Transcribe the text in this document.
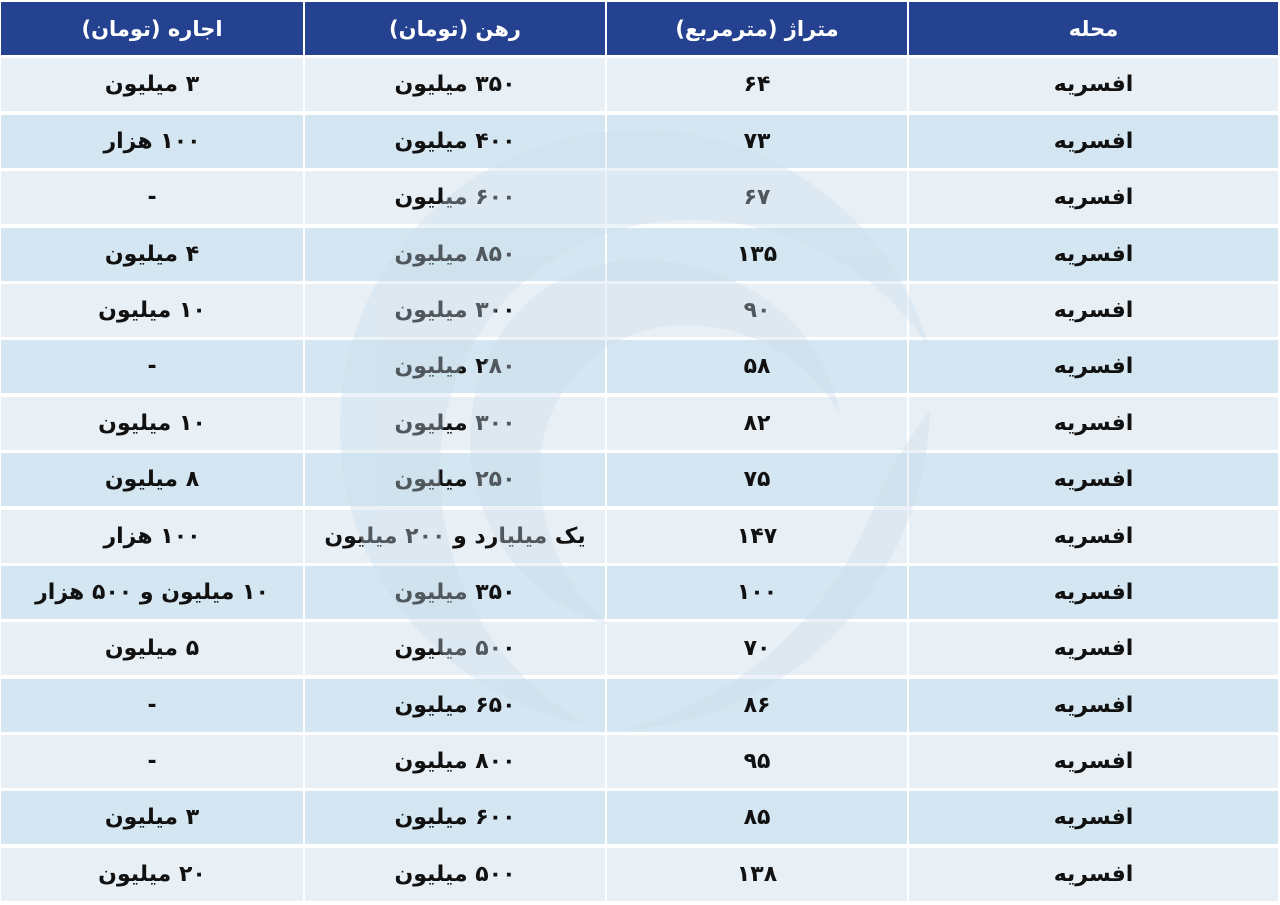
اجاره (تومان)	رهن (تومان)	متراژ (مترمربع)	محله
۳ میلیون	۳۵۰ میلیون	۶۴	افسریه
۱۰۰ هزار	۴۰۰ میلیون	۷۳	افسریه
-	۶۰۰ میلیون	۶۷	افسریه
۴ میلیون	۸۵۰ میلیون	۱۳۵	افسریه
۱۰ میلیون	۳۰۰ میلیون	۹۰	افسریه
-	۲۸۰ میلیون	۵۸	افسریه
۱۰ میلیون	۳۰۰ میلیون	۸۲	افسریه
۸ میلیون	۲۵۰ میلیون	۷۵	افسریه
۱۰۰ هزار	یک میلیارد و ۲۰۰ میلیون	۱۴۷	افسریه
۱۰ میلیون و ۵۰۰ هزار	۳۵۰ میلیون	۱۰۰	افسریه
۵ میلیون	۵۰۰ میلیون	۷۰	افسریه
-	۶۵۰ میلیون	۸۶	افسریه
-	۸۰۰ میلیون	۹۵	افسریه
۳ میلیون	۶۰۰ میلیون	۸۵	افسریه
۲۰ میلیون	۵۰۰ میلیون	۱۳۸	افسریه
